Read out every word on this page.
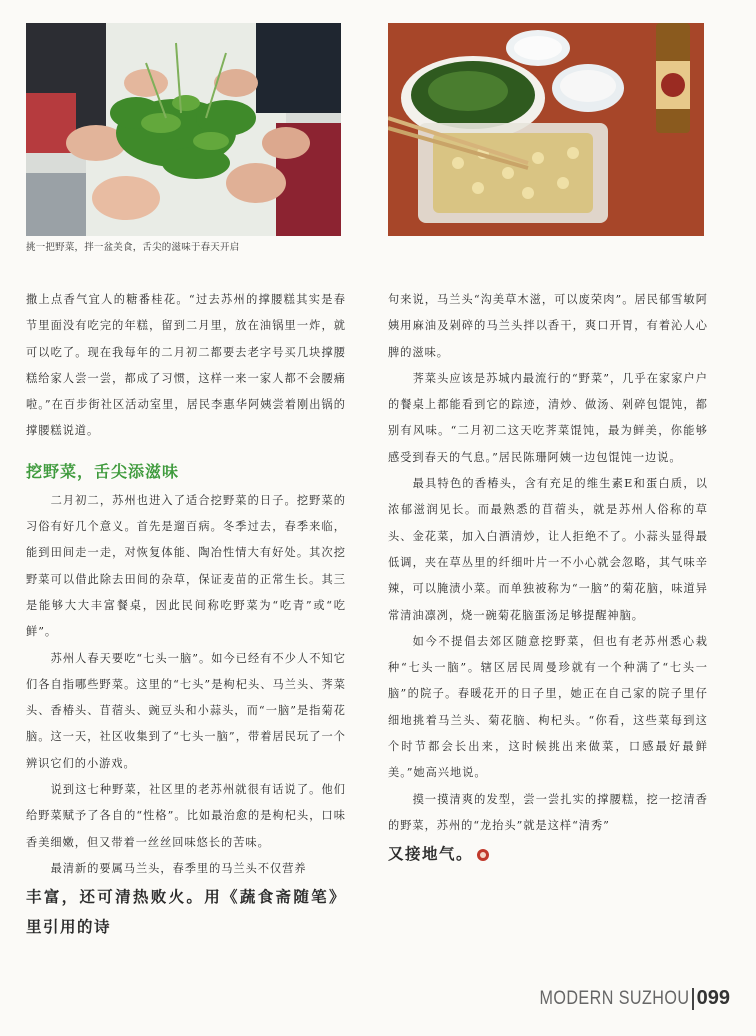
挑一把野菜，拌一盆美食，舌尖的滋味于春天开启

撒上点香气宜人的糖番桂花。“过去苏州的撑腰糕其实是春节里面没有吃完的年糕，留到二月里，放在油锅里一炸，就可以吃了。现在我每年的二月初二都要去老字号买几块撑腰糕给家人尝一尝，都成了习惯，这样一来一家人都不会腰痛啦。”在百步街社区活动室里，居民李惠华阿姨尝着刚出锅的撑腰糕说道。

挖野菜，舌尖添滋味

二月初二，苏州也进入了适合挖野菜的日子。挖野菜的习俗有好几个意义。首先是遛百病。冬季过去，春季来临，能到田间走一走，对恢复体能、陶冶性情大有好处。其次挖野菜可以借此除去田间的杂草，保证麦苗的正常生长。其三是能够大大丰富餐桌，因此民间称吃野菜为“吃青”或“吃鲜”。

苏州人春天要吃“七头一脑”。如今已经有不少人不知它们各自指哪些野菜。这里的“七头”是枸杞头、马兰头、荠菜头、香椿头、苜蓿头、豌豆头和小蒜头，而“一脑”是指菊花脑。这一天，社区收集到了“七头一脑”，带着居民玩了一个辨识它们的小游戏。

说到这七种野菜，社区里的老苏州就很有话说了。他们给野菜赋予了各自的“性格”。比如最治愈的是枸杞头，口味香美细嫩，但又带着一丝丝回味悠长的苦味。

最清新的要属马兰头，春季里的马兰头不仅营养

丰富，还可清热败火。用《蔬食斋随笔》里引用的诗

句来说，马兰头“沟美草木滋，可以废荣肉”。居民郁雪敏阿姨用麻油及剁碎的马兰头拌以香干，爽口开胃，有着沁人心脾的滋味。

荠菜头应该是苏城内最流行的“野菜”，几乎在家家户户的餐桌上都能看到它的踪迹，清炒、做汤、剁碎包馄饨，都别有风味。“二月初二这天吃荠菜馄饨，最为鲜美，你能够感受到春天的气息。”居民陈珊阿姨一边包馄饨一边说。

最具特色的香椿头，含有充足的维生素E和蛋白质，以浓郁滋润见长。而最熟悉的苜蓿头，就是苏州人俗称的草头、金花菜，加入白酒清炒，让人拒绝不了。小蒜头显得最低调，夹在草丛里的纤细叶片一不小心就会忽略，其气味辛辣，可以腌渍小菜。而单独被称为“一脑”的菊花脑，味道异常清油凛冽，烧一碗菊花脑蛋汤足够提醒神脑。

如今不提倡去郊区随意挖野菜，但也有老苏州悉心栽种“七头一脑”。辖区居民周曼珍就有一个种满了“七头一脑”的院子。春暖花开的日子里，她正在自己家的院子里仔细地挑着马兰头、菊花脑、枸杞头。“你看，这些菜每到这个时节都会长出来，这时候挑出来做菜，口感最好最鲜美。”她高兴地说。

摸一摸清爽的发型，尝一尝扎实的撑腰糕，挖一挖清香的野菜，苏州的“龙抬头”就是这样“清秀”

又接地气。

MODERN SUZHOU 099
